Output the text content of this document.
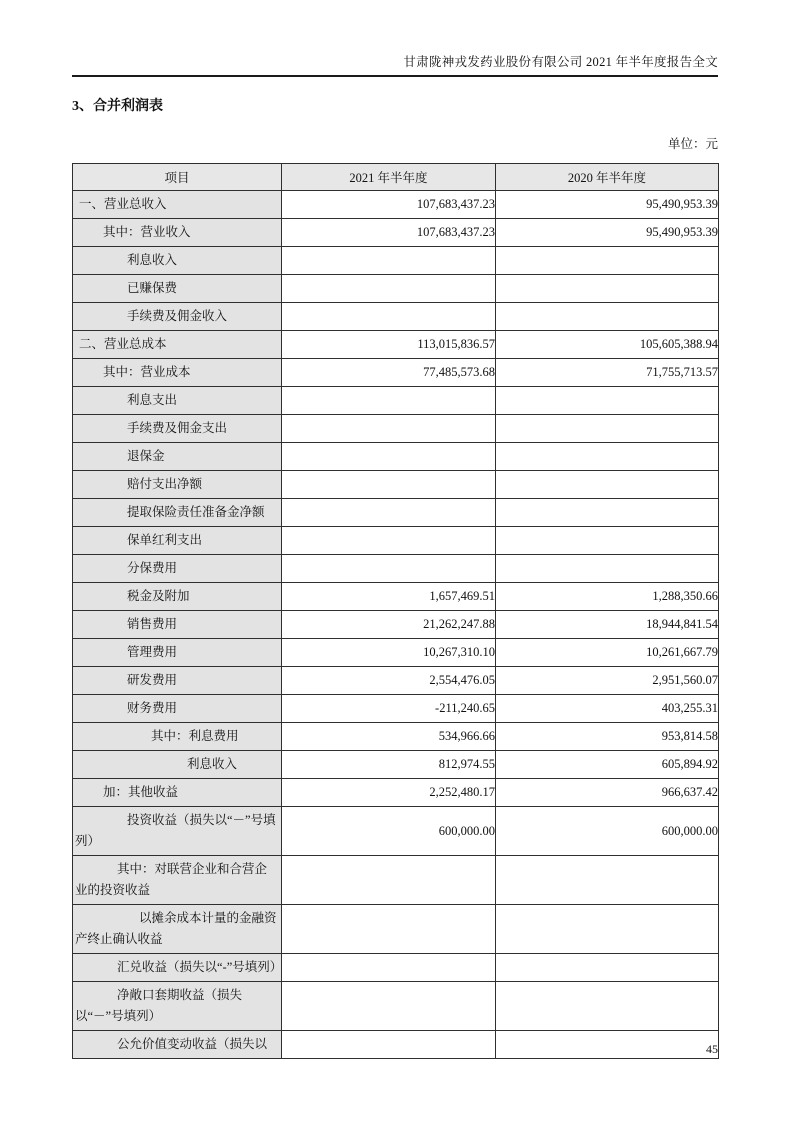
甘肃陇神戎发药业股份有限公司 2021 年半年度报告全文
3、合并利润表
单位：元
项目	2021 年半年度	2020 年半年度

一、营业总收入	107,683,437.23	95,490,953.39

其中：营业收入	107,683,437.23	95,490,953.39

利息收入		

已赚保费		

手续费及佣金收入		

二、营业总成本	113,015,836.57	105,605,388.94

其中：营业成本	77,485,573.68	71,755,713.57

利息支出		

手续费及佣金支出		

退保金		

赔付支出净额		

提取保险责任准备金净额		

保单红利支出		

分保费用		

税金及附加	1,657,469.51	1,288,350.66

销售费用	21,262,247.88	18,944,841.54

管理费用	10,267,310.10	10,261,667.79

研发费用	2,554,476.05	2,951,560.07

财务费用	-211,240.65	403,255.31

其中：利息费用	534,966.66	953,814.58

利息收入	812,974.55	605,894.92

加：其他收益	2,252,480.17	966,637.42

投资收益（损失以“－”号填列）	600,000.00	600,000.00

其中：对联营企业和合营企业的投资收益		

以摊余成本计量的金融资产终止确认收益		

汇兑收益（损失以“-”号填列）		

净敞口套期收益（损失以“－”号填列）		

公允价值变动收益（损失以		
			45
